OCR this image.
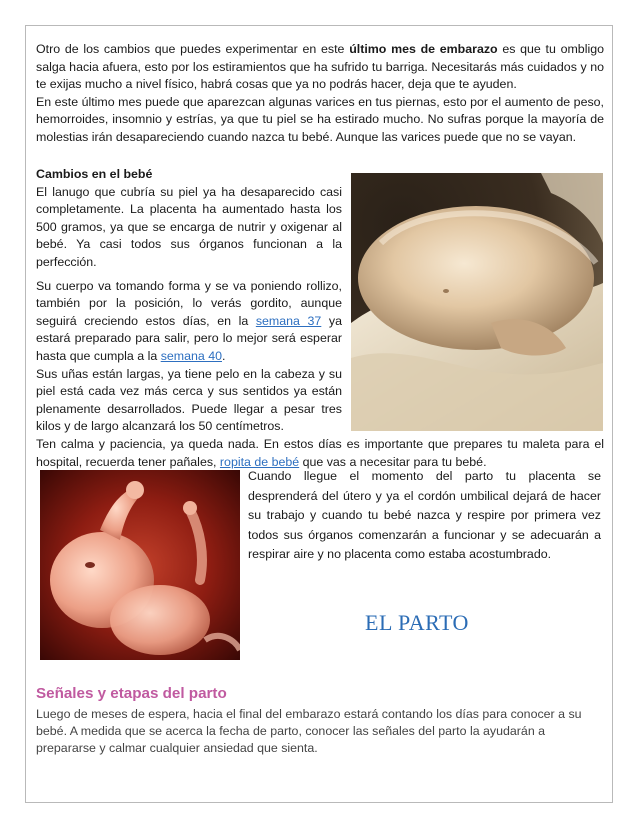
Otro de los cambios que puedes experimentar en este último mes de embarazo es que tu ombligo salga hacia afuera, esto por los estiramientos que ha sufrido tu barriga. Necesitarás más cuidados y no te exijas mucho a nivel físico, habrá cosas que ya no podrás hacer, deja que te ayuden.

En este último mes puede que aparezcan algunas varices en tus piernas, esto por el aumento de peso, hemorroides, insomnio y estrías, ya que tu piel se ha estirado mucho. No sufras porque la mayoría de molestias irán desapareciendo cuando nazca tu bebé. Aunque las varices puede que no se vayan.

Cambios en el bebé

El lanugo que cubría su piel ya ha desaparecido casi completamente. La placenta ha aumentado hasta los 500 gramos, ya que se encarga de nutrir y oxigenar al bebé. Ya casi todos sus órganos funcionan a la perfección.

Su cuerpo va tomando forma y se va poniendo rollizo, también por la posición, lo verás gordito, aunque seguirá creciendo estos días, en la semana 37 ya estará preparado para salir, pero lo mejor será esperar hasta que cumpla a la semana 40.

Sus uñas están largas, ya tiene pelo en la cabeza y su piel está cada vez más cerca y sus sentidos ya están plenamente desarrollados. Puede llegar a pesar tres kilos y de largo alcanzará los 50 centímetros.

Ten calma y paciencia, ya queda nada. En estos días es importante que prepares tu maleta para el hospital, recuerda tener pañales, ropita de bebé que vas a necesitar para tu bebé.

Cuando llegue el momento del parto tu placenta se desprenderá del útero y ya el cordón umbilical dejará de hacer su trabajo y cuando tu bebé nazca y respire por primera vez todos sus órganos comenzarán a funcionar y se adecuarán a respirar aire y no placenta como estaba acostumbrado.

EL PARTO
Señales y etapas del parto
Luego de meses de espera, hacia el final del embarazo estará contando los días para conocer a su bebé. A medida que se acerca la fecha de parto, conocer las señales del parto la ayudarán a prepararse y calmar cualquier ansiedad que sienta.
